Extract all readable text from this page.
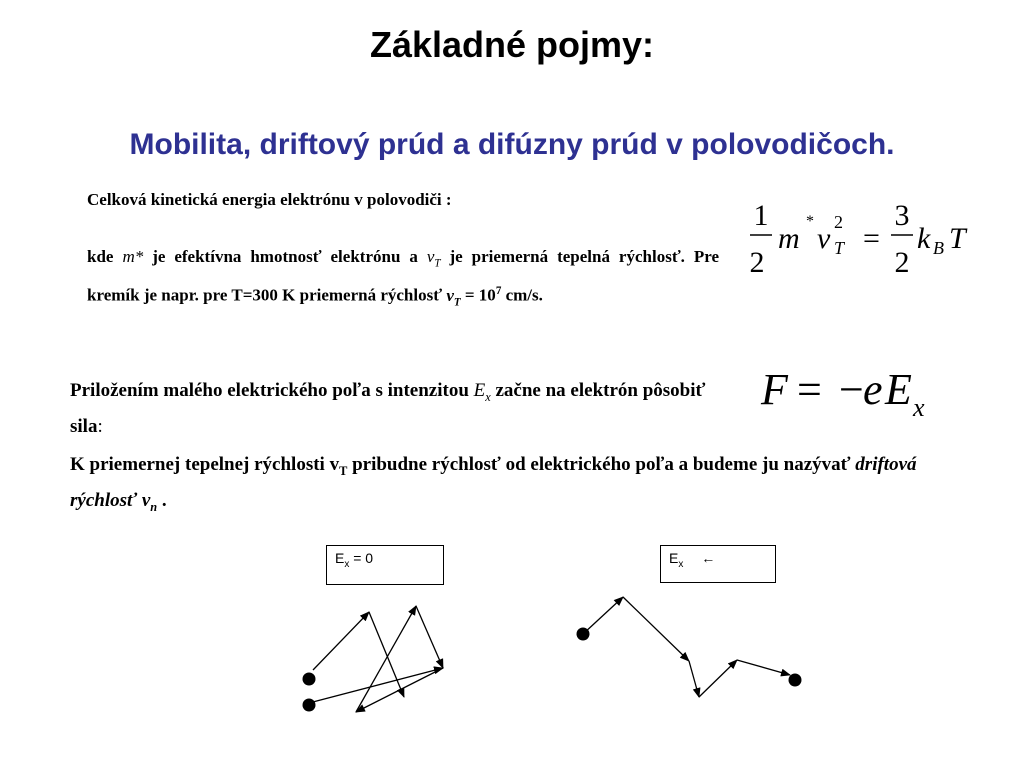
Základné pojmy:
Mobilita, driftový prúd a difúzny prúd v polovodičoch.
Celková kinetická energia elektrónu v polovodiči :
kde m* je efektívna hmotnosť elektrónu a $v_T$ je priemerná tepelná rýchlosť. Pre kremík je napr. pre T=300 K priemerná rýchlosť $v_T = 10^7$ cm/s.
1
2
m
*
v 2
T =
3
2
k B T
Priložením malého elektrického poľa s intenzitou $E_x$ začne na elektrón pôsobiť sila:
F = − e E x
K priemernej tepelnej rýchlosti $v_T$ pribudne rýchlosť od elektrického poľa a budeme ju nazývať driftová rýchlosť $v_n$ .
$E_x = 0$	$E_x$ ←
